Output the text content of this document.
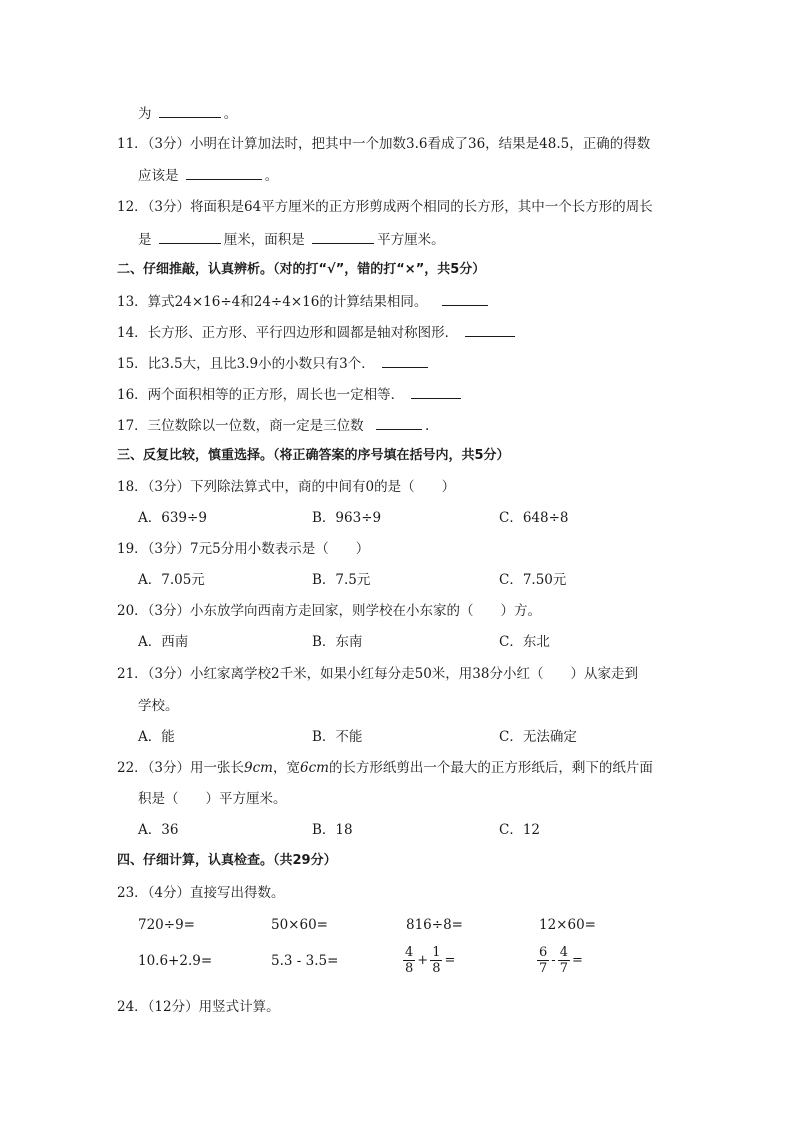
为	。
11．（3分）小明在计算加法时，把其中一个加数3.6看成了36，结果是48.5，正确的得数
应该是	。
12．（3分）将面积是64平方厘米的正方形剪成两个相同的长方形，其中一个长方形的周长
是	厘米，面积是	平方厘米。
二、仔细推敲，认真辨析。（对的打“√”，错的打“×”，共5分）
13．算式24×16÷4和24÷4×16的计算结果相同。
14．长方形、正方形、平行四边形和圆都是轴对称图形．
15．比3.5大，且比3.9小的小数只有3个．
16．两个面积相等的正方形，周长也一定相等．
17．三位数除以一位数，商一定是三位数	.
三、反复比较，慎重选择。（将正确答案的序号填在括号内，共5分）
18．（3分）下列除法算式中，商的中间有0的是（　　）
A．639÷9	B．963÷9	C．648÷8
19．（3分）7元5分用小数表示是（　　）
A．7.05元	B．7.5元	C．7.50元
20．（3分）小东放学向西南方走回家，则学校在小东家的（　　）方。
A．西南	B．东南	C．东北
21．（3分）小红家离学校2千米，如果小红每分走50米，用38分小红（　　）从家走到
学校。
A．能	B．不能	C．无法确定
22．（3分）用一张长9cm，宽6cm的长方形纸剪出一个最大的正方形纸后，剩下的纸片面
积是（　　）平方厘米。
A．36	B．18	C．12
四、仔细计算，认真检查。（共29分）
23．（4分）直接写出得数。
720÷9=	50×60=	816÷8=	12×60=
10.6+2.9=	5.3 - 3.5=	$\frac{4}{8} + \frac{1}{8}$ =	$\frac{6}{7} - \frac{4}{7}$ =
24．（12分）用竖式计算。
